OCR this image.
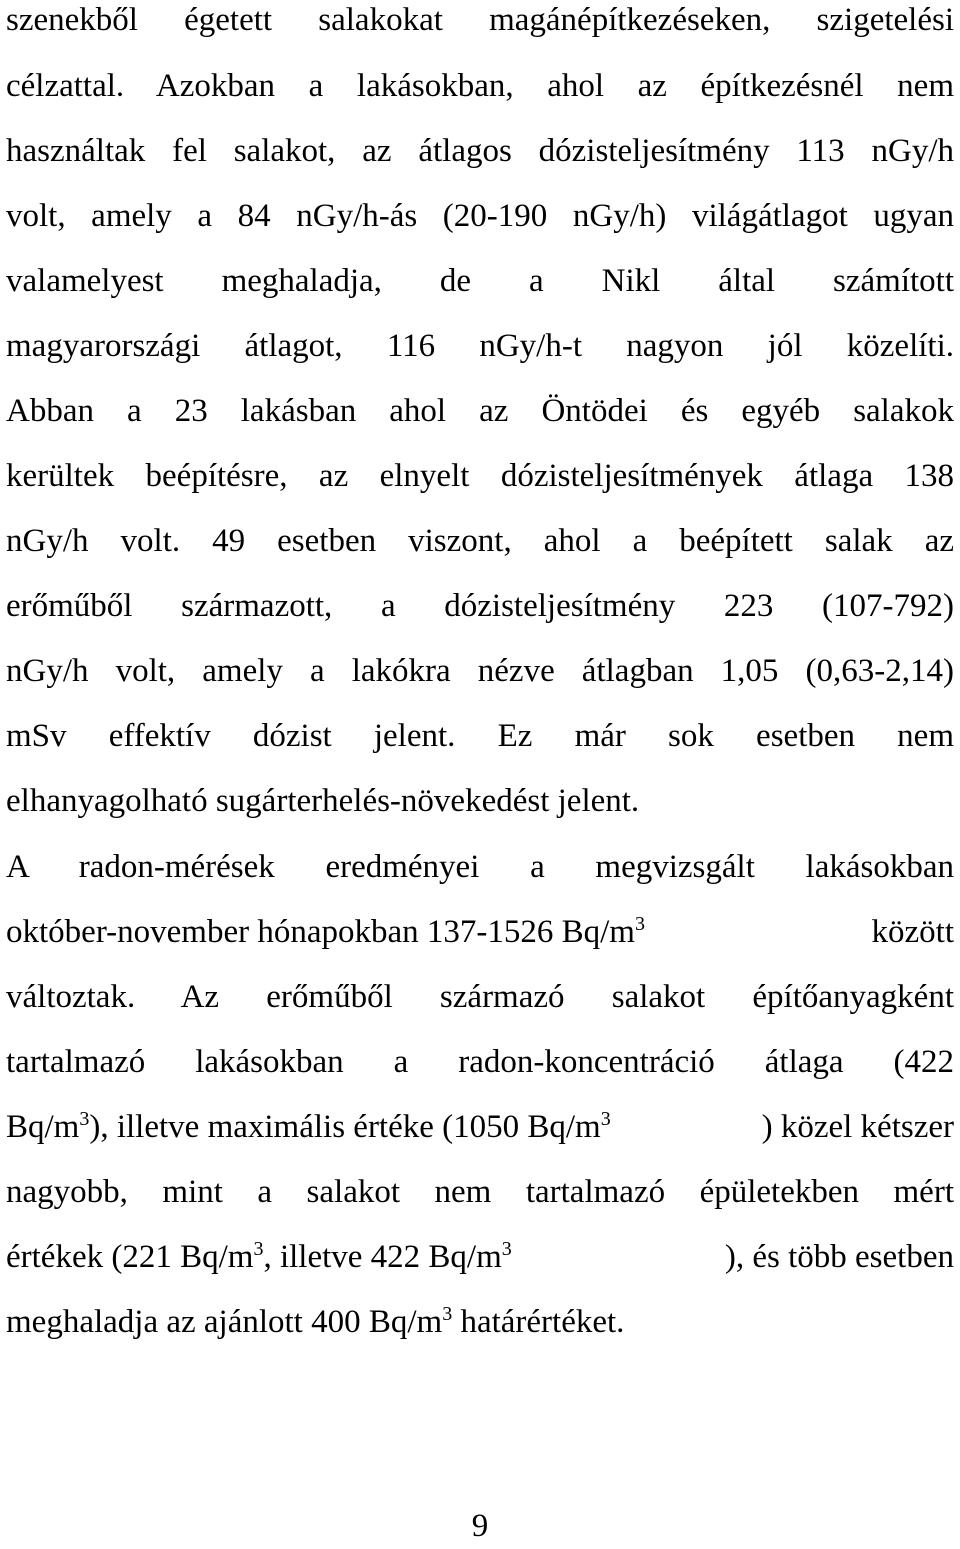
szenekből égetett salakokat magánépítkezéseken, szigetelési
célzattal. Azokban a lakásokban, ahol az építkezésnél nem
használtak fel salakot, az átlagos dózisteljesítmény 113 nGy/h
volt, amely a 84 nGy/h-ás (20-190 nGy/h) világátlagot ugyan
valamelyest meghaladja, de a Nikl által számított
magyarországi átlagot, 116 nGy/h-t nagyon jól közelíti.
Abban a 23 lakásban ahol az Öntödei és egyéb salakok
kerültek beépítésre, az elnyelt dózisteljesítmények átlaga 138
nGy/h volt. 49 esetben viszont, ahol a beépített salak az
erőműből származott, a dózisteljesítmény 223 (107-792)
nGy/h volt, amely a lakókra nézve átlagban 1,05 (0,63-2,14)
mSv effektív dózist jelent. Ez már sok esetben nem
elhanyagolható sugárterhelés-növekedést jelent.
A radon-mérések eredményei a megvizsgált lakásokban
október-november hónapokban 137-1526 $Bq/m^3$	között
változtak. Az erőműből származó salakot építőanyagként
tartalmazó lakásokban a radon-koncentráció átlaga (422
$Bq/m^3$), illetve maximális értéke (1050 $Bq/m^3$	) közel kétszer
nagyobb, mint a salakot nem tartalmazó épületekben mért
értékek (221 $Bq/m^3$, illetve 422 $Bq/m^3$	), és több esetben
meghaladja az ajánlott 400 $Bq/m^3$ határértéket.
9
